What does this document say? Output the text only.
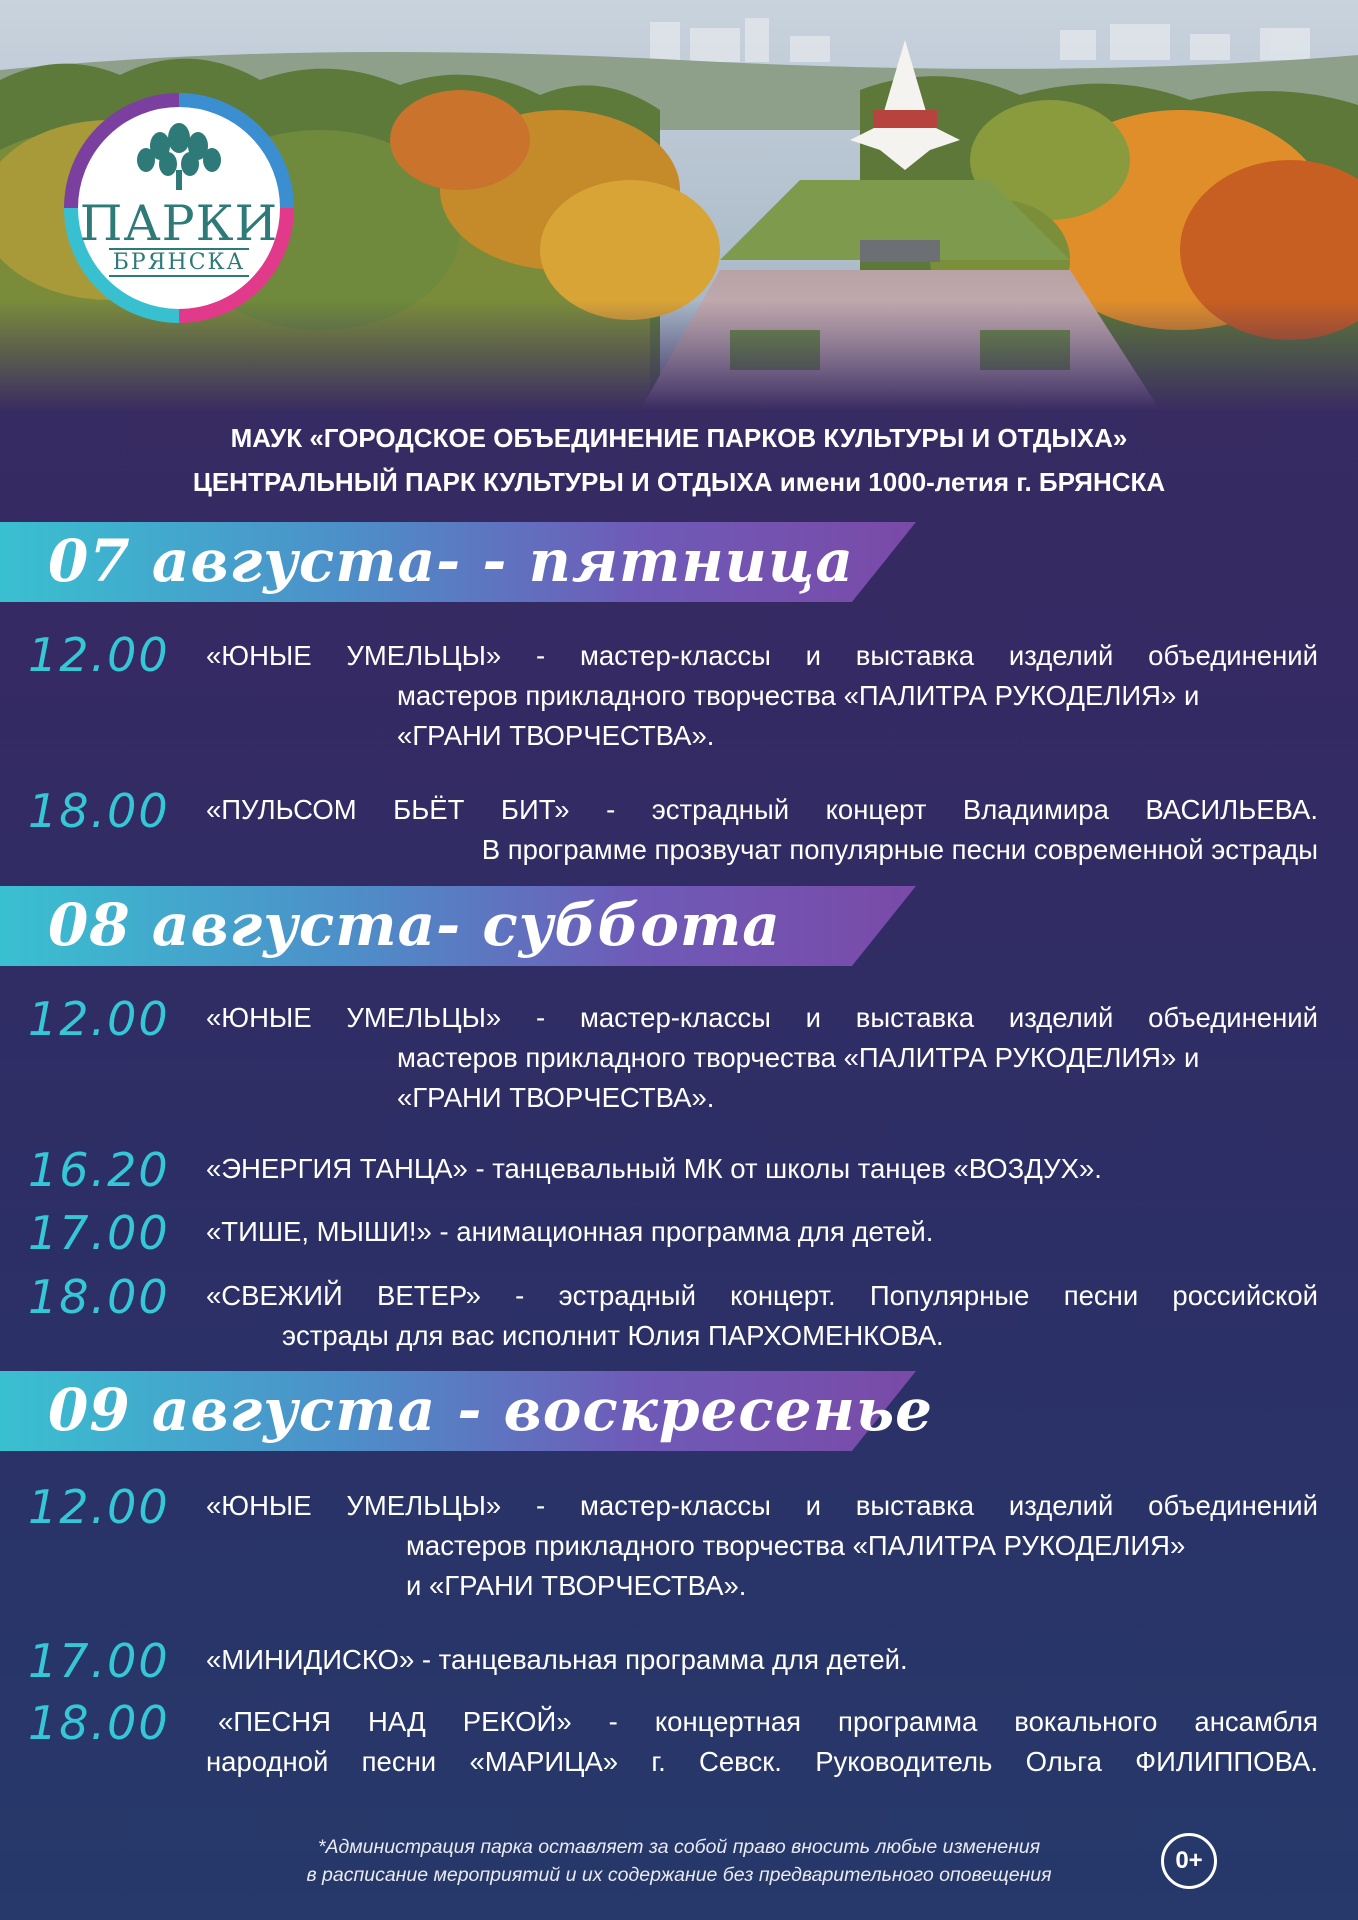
ПАРКИ
БРЯНСКА
МАУК «ГОРОДСКОЕ ОБЪЕДИНЕНИЕ ПАРКОВ КУЛЬТУРЫ И ОТДЫХА»
ЦЕНТРАЛЬНЫЙ ПАРК КУЛЬТУРЫ И ОТДЫХА имени 1000-летия г. БРЯНСКА
07 августа- - пятница
12.00	«ЮНЫЕ УМЕЛЬЦЫ» - мастер-классы и выставка изделий объединений
мастеров прикладного творчества «ПАЛИТРА РУКОДЕЛИЯ» и
«ГРАНИ ТВОРЧЕСТВА».
18.00	«ПУЛЬСОМ БЬЁТ БИТ» - эстрадный концерт Владимира ВАСИЛЬЕВА.
В программе прозвучат популярные песни современной эстрады
08 августа- суббота
12.00	«ЮНЫЕ УМЕЛЬЦЫ» - мастер-классы и выставка изделий объединений
мастеров прикладного творчества «ПАЛИТРА РУКОДЕЛИЯ» и
«ГРАНИ ТВОРЧЕСТВА».
16.20	«ЭНЕРГИЯ ТАНЦА» - танцевальный МК от школы танцев «ВОЗДУХ».
17.00	«ТИШЕ, МЫШИ!» - анимационная программа для детей.
18.00	«СВЕЖИЙ ВЕТЕР» - эстрадный концерт. Популярные песни российской
эстрады для вас исполнит Юлия ПАРХОМЕНКОВА.
09 августа - воскресенье
12.00	«ЮНЫЕ УМЕЛЬЦЫ» - мастер-классы и выставка изделий объединений
мастеров прикладного творчества «ПАЛИТРА РУКОДЕЛИЯ»
и «ГРАНИ ТВОРЧЕСТВА».
17.00	«МИНИДИСКО» - танцевальная программа для детей.
18.00	«ПЕСНЯ НАД РЕКОЙ» - концертная программа вокального ансамбля
народной песни «МАРИЦА» г. Севск. Руководитель Ольга ФИЛИППОВА.
*Администрация парка оставляет за собой право вносить любые изменения
в расписание мероприятий и их содержание без предварительного оповещения
0+
